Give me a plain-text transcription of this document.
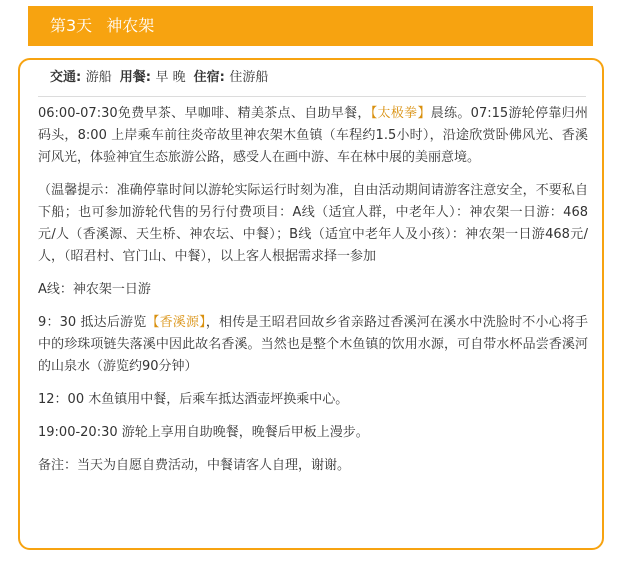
第3天 神农架
交通: 游船 用餐: 早 晚 住宿: 住游船

06:00-07:30免费早茶、早咖啡、精美茶点、自助早餐，【太极拳】晨练。07:15游轮停靠归州码头，8:00 上岸乘车前往炎帝故里神农架木鱼镇（车程约1.5小时），沿途欣赏卧佛风光、香溪河风光，体验神宜生态旅游公路，感受人在画中游、车在林中展的美丽意境。

（温馨提示：准确停靠时间以游轮实际运行时刻为准，自由活动期间请游客注意安全，不要私自下船；也可参加游轮代售的另行付费项目：A线（适宜人群，中老年人）：神农架一日游：468元/人（香溪源、天生桥、神农坛、中餐）；B线（适宜中老年人及小孩）：神农架一日游468元/人，（昭君村、官门山、中餐），以上客人根据需求择一参加

A线：神农架一日游

9：30 抵达后游览【香溪源】，相传是王昭君回故乡省亲路过香溪河在溪水中洗脸时不小心将手中的珍珠项链失落溪中因此故名香溪。当然也是整个木鱼镇的饮用水源，可自带水杯品尝香溪河的山泉水（游览约90分钟）

12：00 木鱼镇用中餐，后乘车抵达酒壶坪换乘中心。

19:00-20:30 游轮上享用自助晚餐，晚餐后甲板上漫步。

备注：当天为自愿自费活动，中餐请客人自理，谢谢。
